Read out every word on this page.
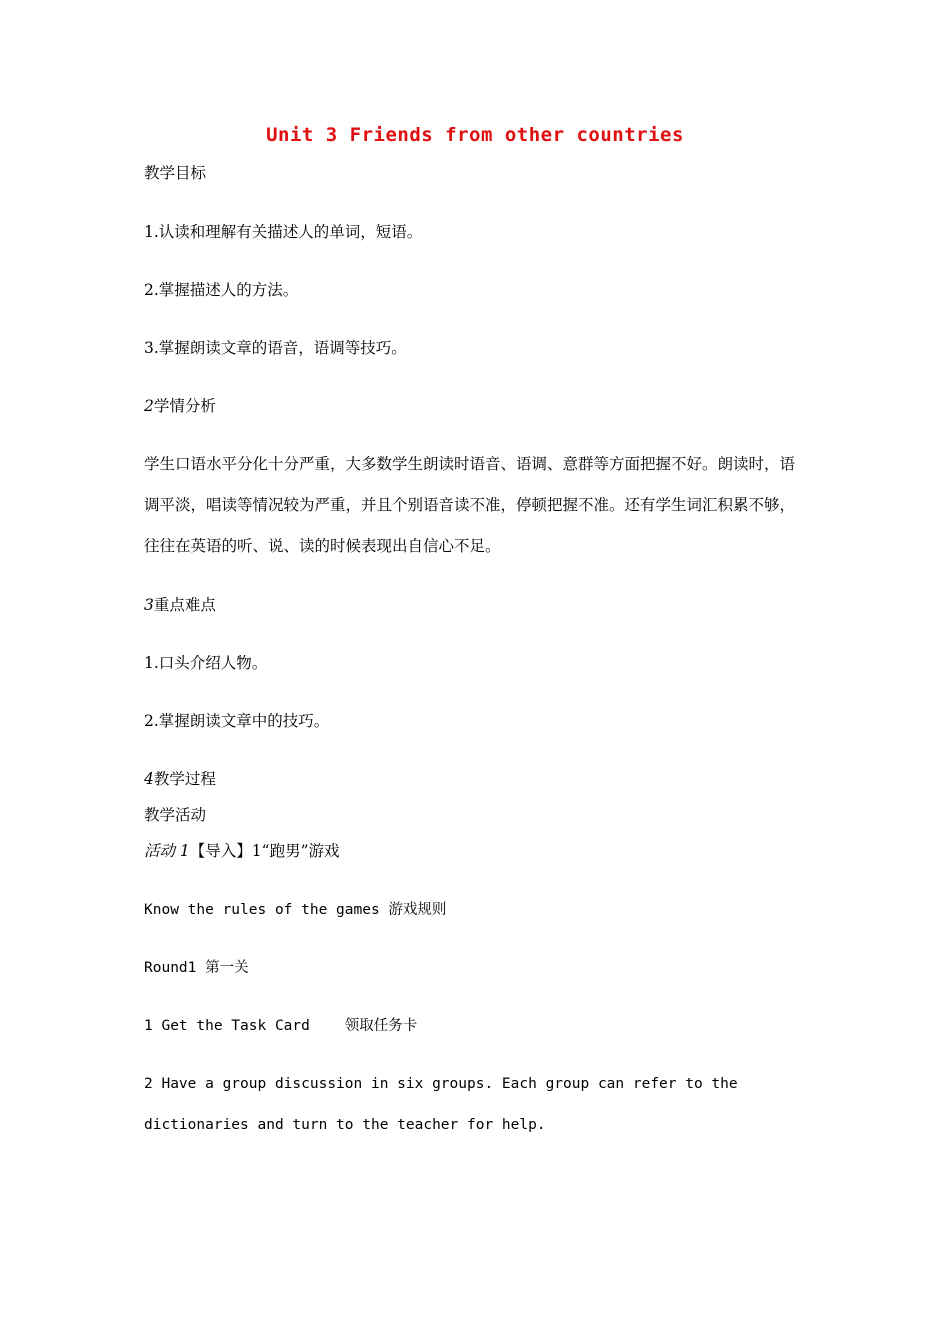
Unit 3 Friends from other countries
教学目标
1.认读和理解有关描述人的单词，短语。
2.掌握描述人的方法。
3.掌握朗读文章的语音，语调等技巧。
2学情分析
学生口语水平分化十分严重，大多数学生朗读时语音、语调、意群等方面把握不好。朗读时，语调平淡，唱读等情况较为严重，并且个别语音读不准，停顿把握不准。还有学生词汇积累不够，往往在英语的听、说、读的时候表现出自信心不足。
3重点难点
1.口头介绍人物。
2.掌握朗读文章中的技巧。
4教学过程
教学活动
活动 1【导入】1“跑男”游戏
Know the rules of the games 游戏规则
Round1 第一关
1 Get the Task Card    领取任务卡
2 Have a group discussion in six groups. Each group can refer to the dictionaries and turn to the teacher for help.
